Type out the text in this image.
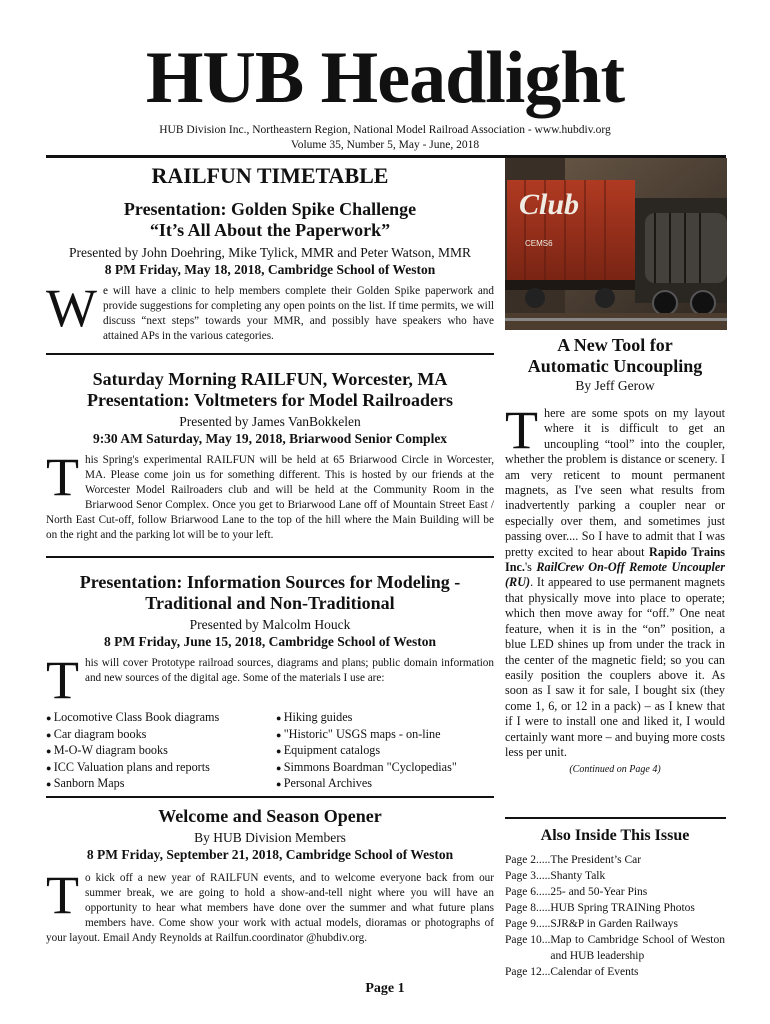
HUB Headlight
HUB Division Inc., Northeastern Region, National Model Railroad Association - www.hubdiv.org
Volume 35, Number 5, May - June, 2018
RAILFUN TIMETABLE
Presentation: Golden Spike Challenge
“It’s All About the Paperwork”
Presented by John Doehring, Mike Tylick, MMR and Peter Watson, MMR
8 PM Friday, May 18, 2018, Cambridge School of Weston
We will have a clinic to help members complete their Golden Spike paperwork and provide suggestions for completing any open points on the list. If time permits, we will discuss “next steps” towards your MMR, and possibly have speakers who have attained APs in the various categories.
Saturday Morning RAILFUN, Worcester, MA
Presentation: Voltmeters for Model Railroaders
Presented by James VanBokkelen
9:30 AM Saturday, May 19, 2018, Briarwood Senior Complex
This Spring's experimental RAILFUN will be held at 65 Briarwood Circle in Worcester, MA. Please come join us for something different. This is hosted by our friends at the Worcester Model Railroaders club and will be held at the Community Room in the Briarwood Senor Complex. Once you get to Briarwood Lane off of Mountain Street East / North East Cut-off, follow Briarwood Lane to the top of the hill where the Main Building will be on the right and the parking lot will be to your left.
Presentation: Information Sources for Modeling -
Traditional and Non-Traditional
Presented by Malcolm Houck
8 PM Friday, June 15, 2018, Cambridge School of Weston
This will cover Prototype railroad sources, diagrams and plans; public domain information and new sources of the digital age. Some of the materials I use are:
● Locomotive Class Book diagrams
● Car diagram books
● M-O-W diagram books
● ICC Valuation plans and reports
● Sanborn Maps
● Hiking guides
● "Historic" USGS maps - on-line
● Equipment catalogs
● Simmons Boardman "Cyclopedias"
● Personal Archives
Welcome and Season Opener
By HUB Division Members
8 PM Friday, September 21, 2018, Cambridge School of Weston
To kick off a new year of RAILFUN events, and to welcome everyone back from our summer break, we are going to hold a show-and-tell night where you will have an opportunity to hear what members have done over the summer and what future plans members have. Come show your work with actual models, dioramas or photographs of your layout. Email Andy Reynolds at Railfun.coordinator @hubdiv.org.
Club
CEMS6
A New Tool for
Automatic Uncoupling
By Jeff Gerow
There are some spots on my layout where it is difficult to get an uncoupling “tool” into the coupler, whether the problem is distance or scenery. I am very reticent to mount permanent magnets, as I've seen what results from inadvertently parking a coupler near or especially over them, and sometimes just passing over.... So I have to admit that I was pretty excited to hear about Rapido Trains Inc.'s RailCrew On-Off Remote Uncoupler (RU). It appeared to use permanent magnets that physically move into place to operate; which then move away for “off.” One neat feature, when it is in the “on” position, a blue LED shines up from under the track in the center of the magnetic field; so you can easily position the couplers above it. As soon as I saw it for sale, I bought six (they come 1, 6, or 12 in a pack) – as I knew that if I were to install one and liked it, I would certainly want more – and buying more costs less per unit.
(Continued on Page 4)
Also Inside This Issue
Page 2..... The President’s Car
Page 3..... Shanty Talk
Page 6..... 25- and 50-Year Pins
Page 8..... HUB Spring TRAINing Photos
Page 9..... SJR&P in Garden Railways
Page 10... Map to Cambridge School of Weston and HUB leadership
Page 12... Calendar of Events
Page 1
